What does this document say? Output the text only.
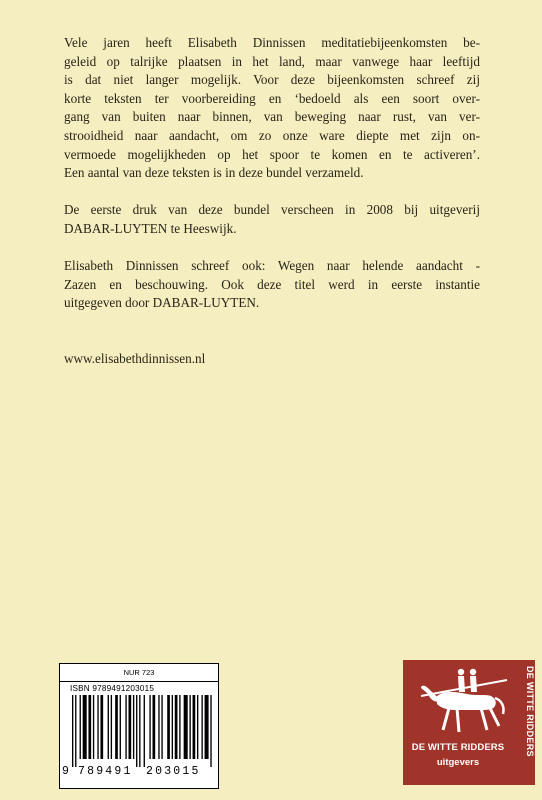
Vele jaren heeft Elisabeth Dinnissen meditatiebijeenkomsten be-
geleid op talrijke plaatsen in het land, maar vanwege haar leeftijd
is dat niet langer mogelijk. Voor deze bijeenkomsten schreef zij
korte teksten ter voorbereiding en ‘bedoeld als een soort over-
gang van buiten naar binnen, van beweging naar rust, van ver-
strooidheid naar aandacht, om zo onze ware diepte met zijn on-
vermoede mogelijkheden op het spoor te komen en te activeren’.
Een aantal van deze teksten is in deze bundel verzameld.

De eerste druk van deze bundel verscheen in 2008 bij uitgeverij
DABAR-LUYTEN te Heeswijk.

Elisabeth Dinnissen schreef ook: Wegen naar helende aandacht -
Zazen en beschouwing. Ook deze titel werd in eerste instantie
uitgegeven door DABAR-LUYTEN.

www.elisabethdinnissen.nl

NUR 723
ISBN 9789491203015
9 789491 203015
DE WITTE RIDDERS
uitgevers
DE WITTE RIDDERS
